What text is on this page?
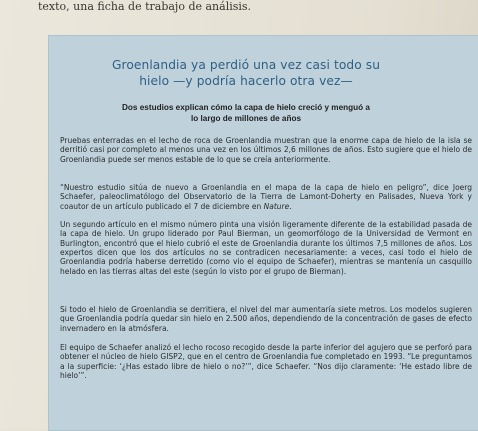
texto, una ficha de trabajo de análisis.
Groenlandia ya perdió una vez casi todo su hielo —y podría hacerlo otra vez—
Dos estudios explican cómo la capa de hielo creció y menguó a lo largo de millones de años
Pruebas enterradas en el lecho de roca de Groenlandia muestran que la enorme capa de hielo de la isla se derritió casi por completo al menos una vez en los últimos 2,6 millones de años. Esto sugiere que el hielo de Groenlandia puede ser menos estable de lo que se creía anteriormente.
“Nuestro estudio sitúa de nuevo a Groenlandia en el mapa de la capa de hielo en peligro”, dice Joerg Schaefer, paleoclimatólogo del Observatorio de la Tierra de Lamont-Doherty en Palisades, Nueva York y coautor de un artículo publicado el 7 de diciembre en Nature.
Un segundo artículo en el mismo número pinta una visión ligeramente diferente de la estabilidad pasada de la capa de hielo. Un grupo liderado por Paul Bierman, un geomorfólogo de la Universidad de Vermont en Burlington, encontró que el hielo cubrió el este de Groenlandia durante los últimos 7,5 millones de años. Los expertos dicen que los dos artículos no se contradicen necesariamente: a veces, casi todo el hielo de Groenlandia podría haberse derretido (como vio el equipo de Schaefer), mientras se mantenía un casquillo helado en las tierras altas del este (según lo visto por el grupo de Bierman).
Si todo el hielo de Groenlandia se derritiera, el nivel del mar aumentaría siete metros. Los modelos sugieren que Groenlandia podría quedar sin hielo en 2.500 años, dependiendo de la concentración de gases de efecto invernadero en la atmósfera.
El equipo de Schaefer analizó el lecho rocoso recogido desde la parte inferior del agujero que se perforó para obtener el núcleo de hielo GISP2, que en el centro de Groenlandia fue completado en 1993. “Le preguntamos a la superficie: ‘¿Has estado libre de hielo o no?’”, dice Schaefer. “Nos dijo claramente: ‘He estado libre de hielo’”.
